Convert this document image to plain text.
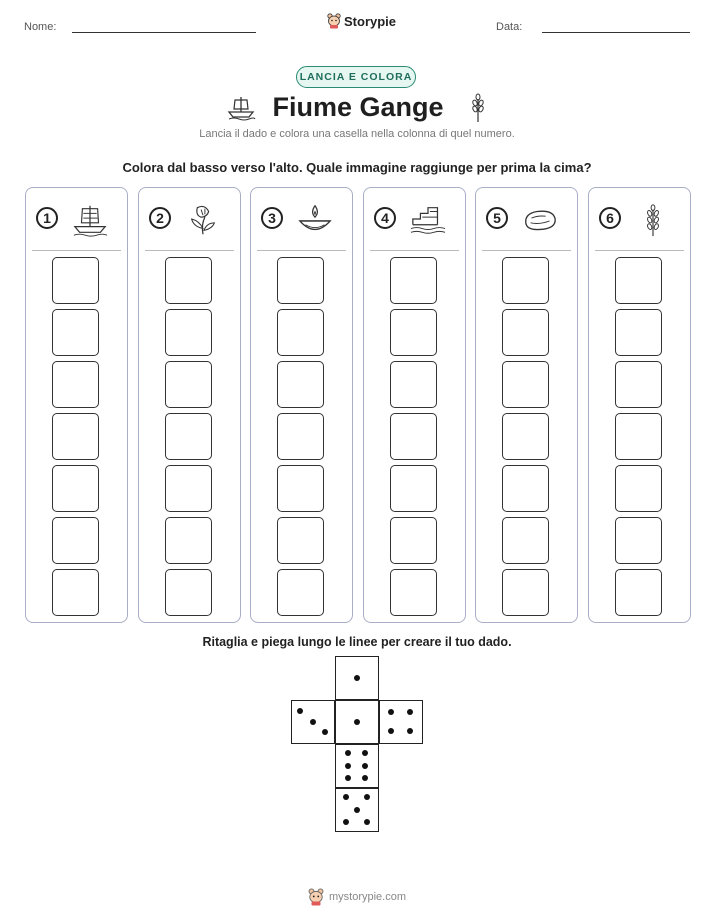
Nome:	Storypie	Data:
LANCIA E COLORA
Fiume Gange
Lancia il dado e colora una casella nella colonna di quel numero.
Colora dal basso verso l'alto. Quale immagine raggiunge per prima la cima?
1	2	3	4	5	6
Ritaglia e piega lungo le linee per creare il tuo dado.
mystorypie.com
